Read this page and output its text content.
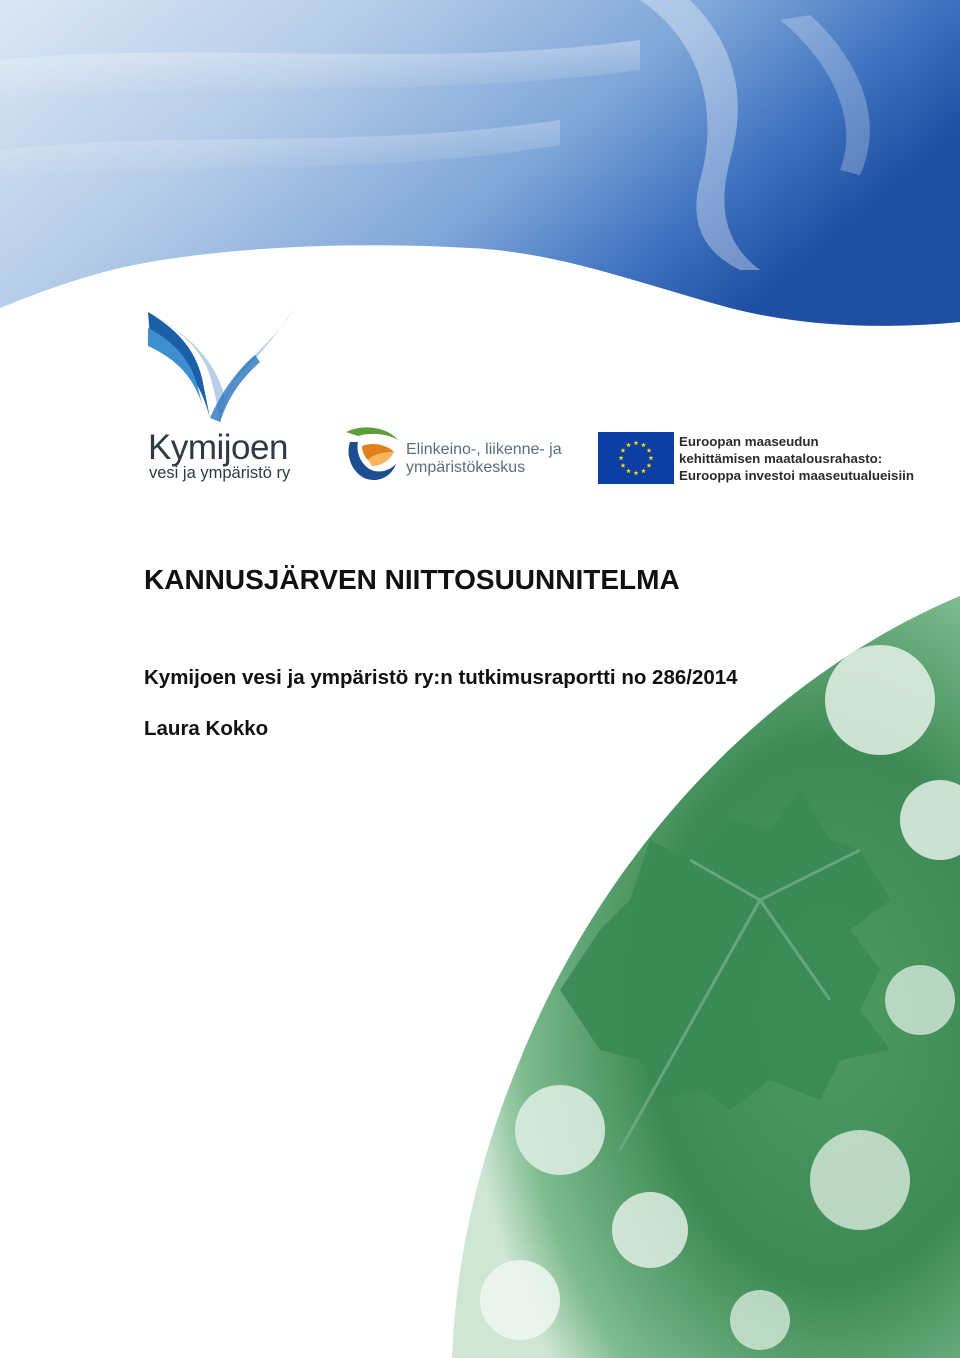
Kymijoen
vesi ja ympäristö ry
Elinkeino-, liikenne- ja
ympäristökeskus
Euroopan maaseudun
kehittämisen maatalousrahasto:
Eurooppa investoi maaseutualueisiin
KANNUSJÄRVEN NIITTOSUUNNITELMA

Kymijoen vesi ja ympäristö ry:n tutkimusraportti no 286/2014

Laura Kokko
